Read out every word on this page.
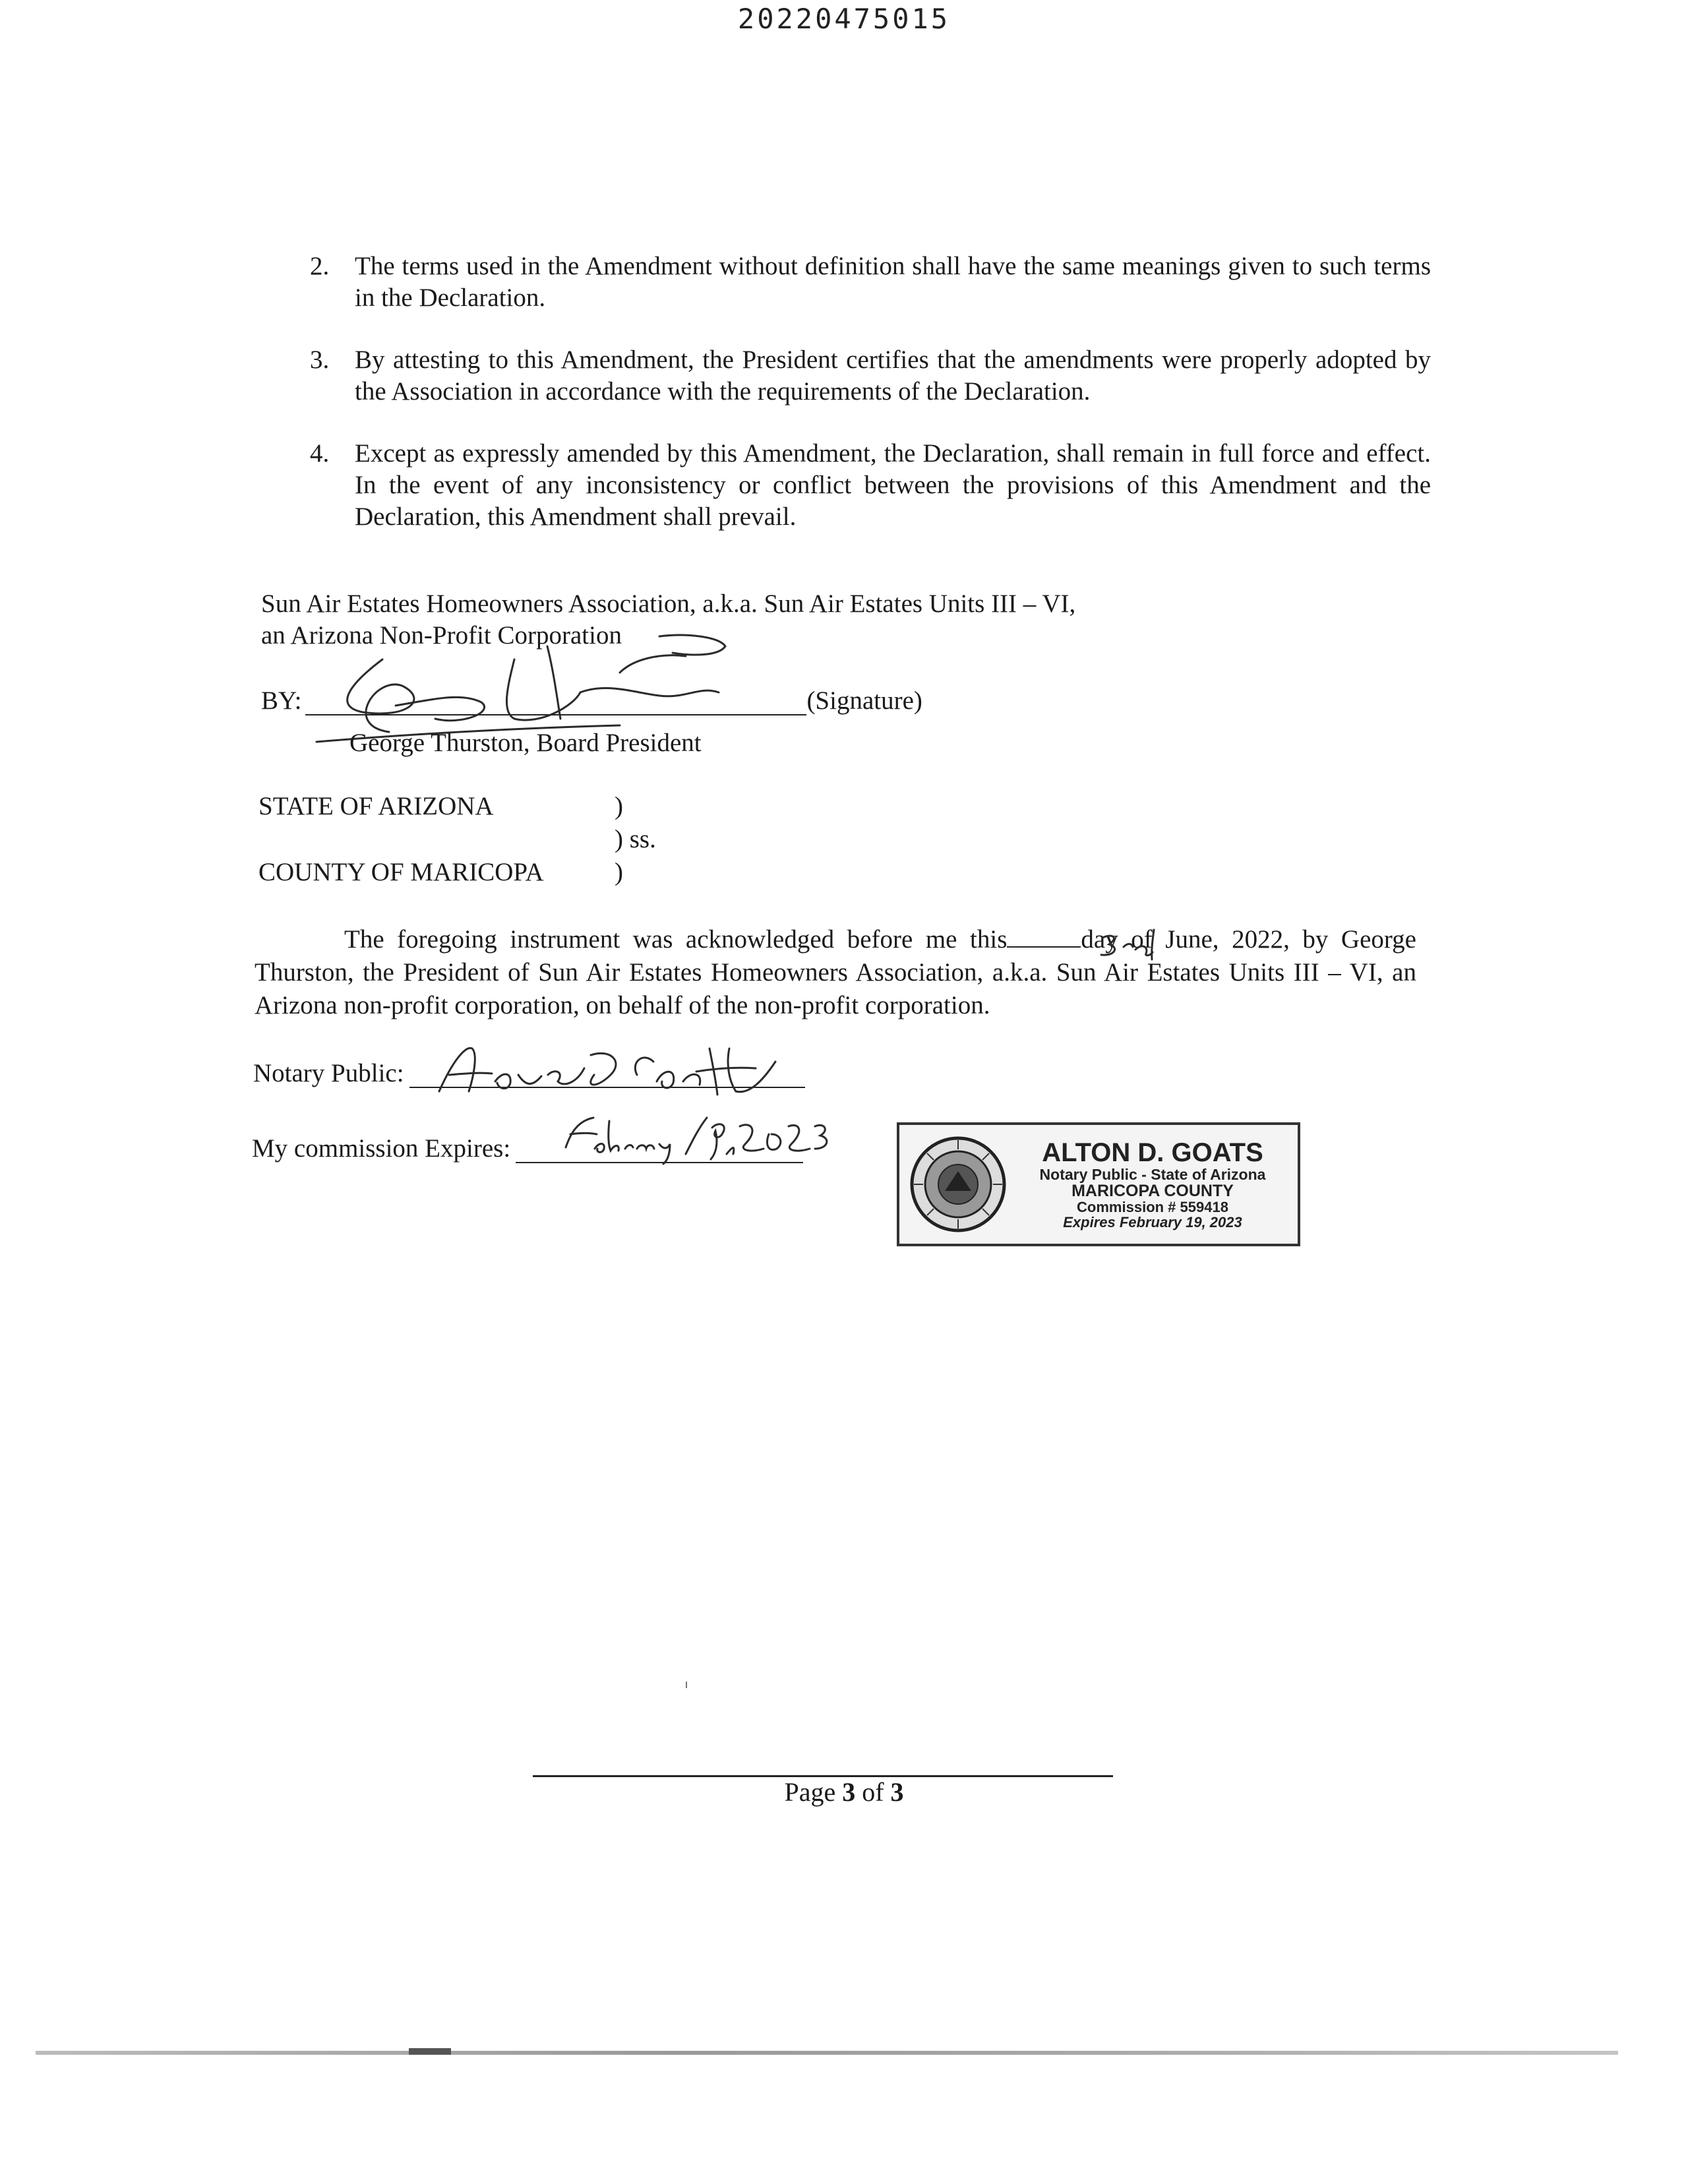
20220475015
2. The terms used in the Amendment without definition shall have the same meanings given to such terms in the Declaration.
3. By attesting to this Amendment, the President certifies that the amendments were properly adopted by the Association in accordance with the requirements of the Declaration.
4. Except as expressly amended by this Amendment, the Declaration, shall remain in full force and effect. In the event of any inconsistency or conflict between the provisions of this Amendment and the Declaration, this Amendment shall prevail.
Sun Air Estates Homeowners Association, a.k.a. Sun Air Estates Units III – VI,
an Arizona Non-Profit Corporation
BY:	(Signature)
George Thurston, Board President
STATE OF ARIZONA	)
) ss.
COUNTY OF MARICOPA	)
The foregoing instrument was acknowledged before me this	day of June, 2022, by George Thurston, the President of Sun Air Estates Homeowners Association, a.k.a. Sun Air Estates Units III – VI, an Arizona non-profit corporation, on behalf of the non-profit corporation.
Notary Public:
My commission Expires:	ALTON D. GOATS
Notary Public - State of Arizona
MARICOPA COUNTY
Commission # 559418
Expires February 19, 2023
Page 3 of 3
